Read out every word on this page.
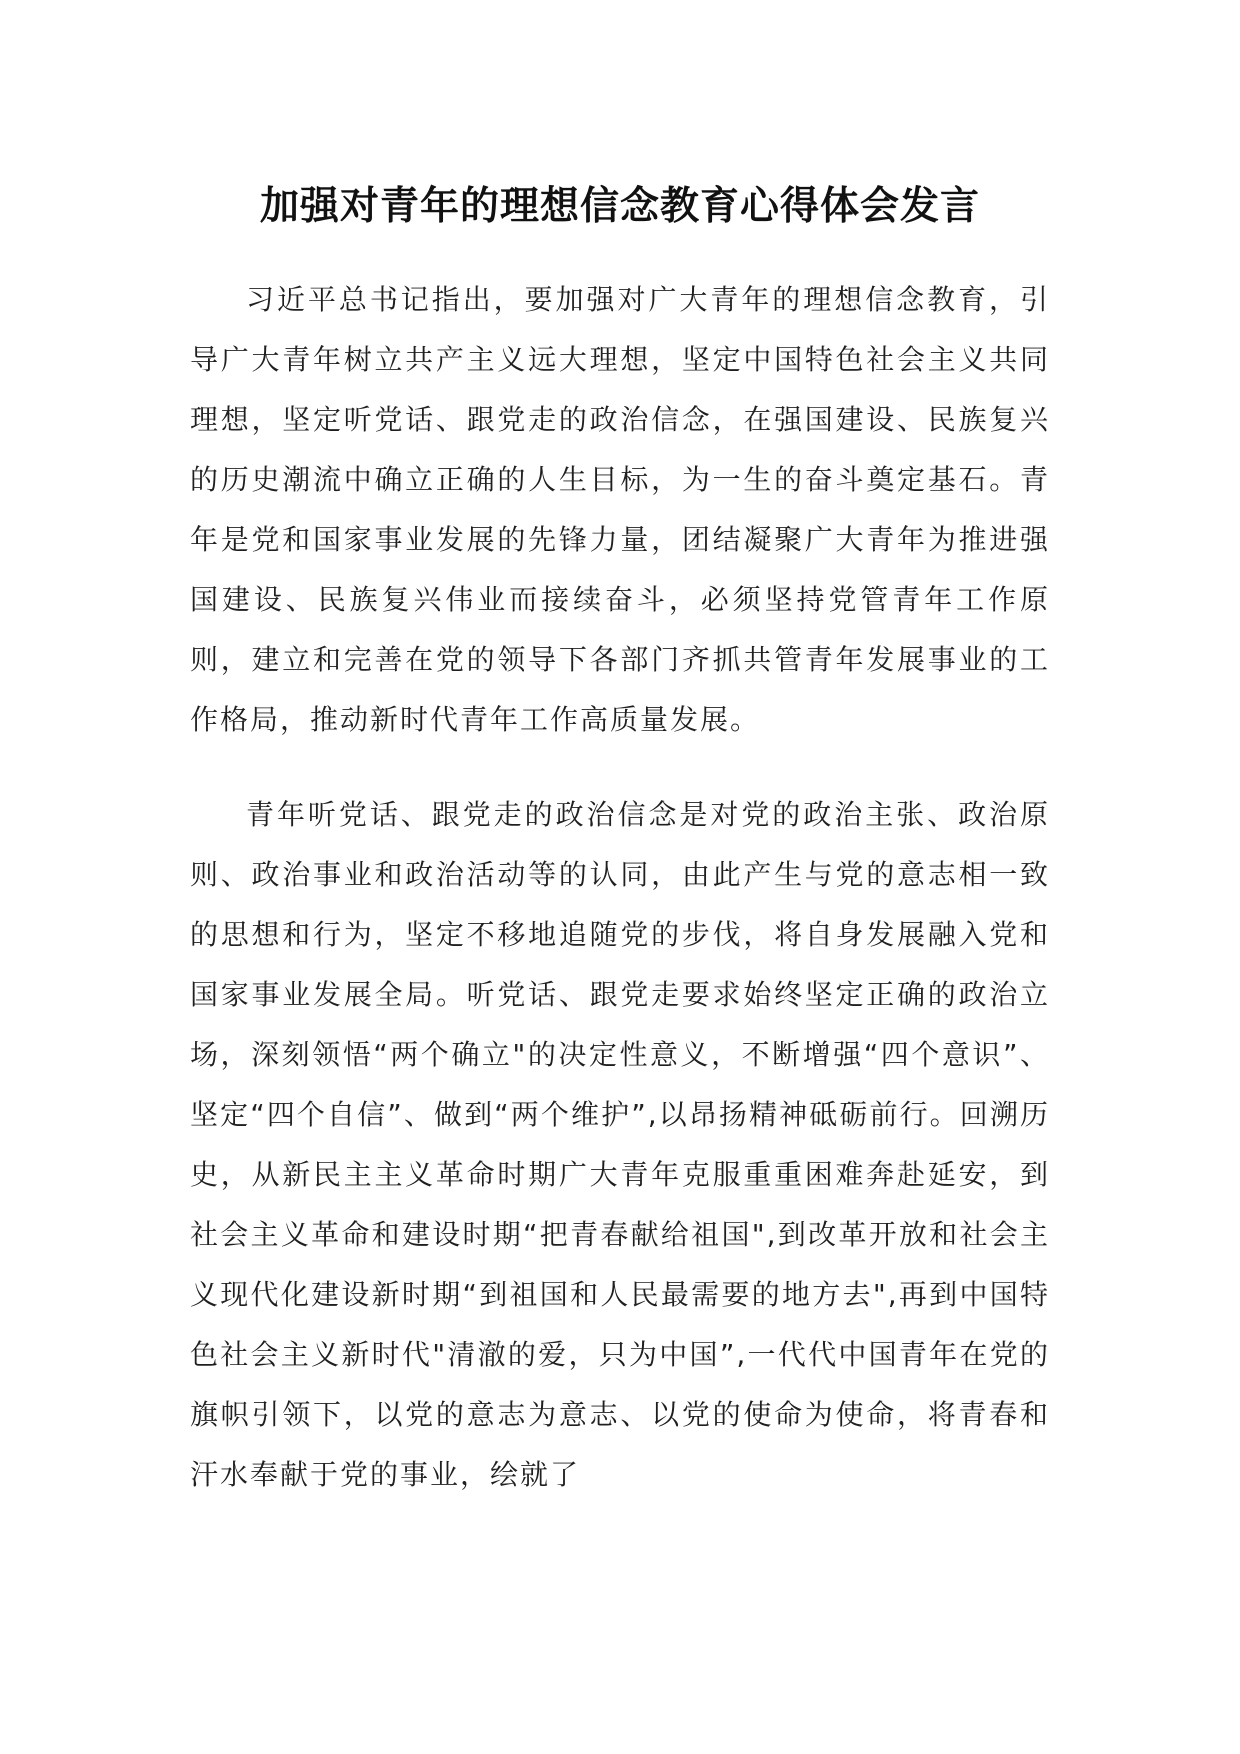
加强对青年的理想信念教育心得体会发言

习近平总书记指出，要加强对广大青年的理想信念教育，引导广大青年树立共产主义远大理想，坚定中国特色社会主义共同理想，坚定听党话、跟党走的政治信念，在强国建设、民族复兴的历史潮流中确立正确的人生目标，为一生的奋斗奠定基石。青年是党和国家事业发展的先锋力量，团结凝聚广大青年为推进强国建设、民族复兴伟业而接续奋斗，必须坚持党管青年工作原则，建立和完善在党的领导下各部门齐抓共管青年发展事业的工作格局，推动新时代青年工作高质量发展。

青年听党话、跟党走的政治信念是对党的政治主张、政治原则、政治事业和政治活动等的认同，由此产生与党的意志相一致的思想和行为，坚定不移地追随党的步伐，将自身发展融入党和国家事业发展全局。听党话、跟党走要求始终坚定正确的政治立场，深刻领悟“两个确立"的决定性意义，不断增强“四个意识”、坚定“四个自信”、做到“两个维护”,以昂扬精神砥砺前行。回溯历史，从新民主主义革命时期广大青年克服重重困难奔赴延安，到社会主义革命和建设时期“把青春献给祖国",到改革开放和社会主义现代化建设新时期“到祖国和人民最需要的地方去",再到中国特色社会主义新时代"清澈的爱，只为中国”,一代代中国青年在党的旗帜引领下，以党的意志为意志、以党的使命为使命，将青春和汗水奉献于党的事业，绘就了
